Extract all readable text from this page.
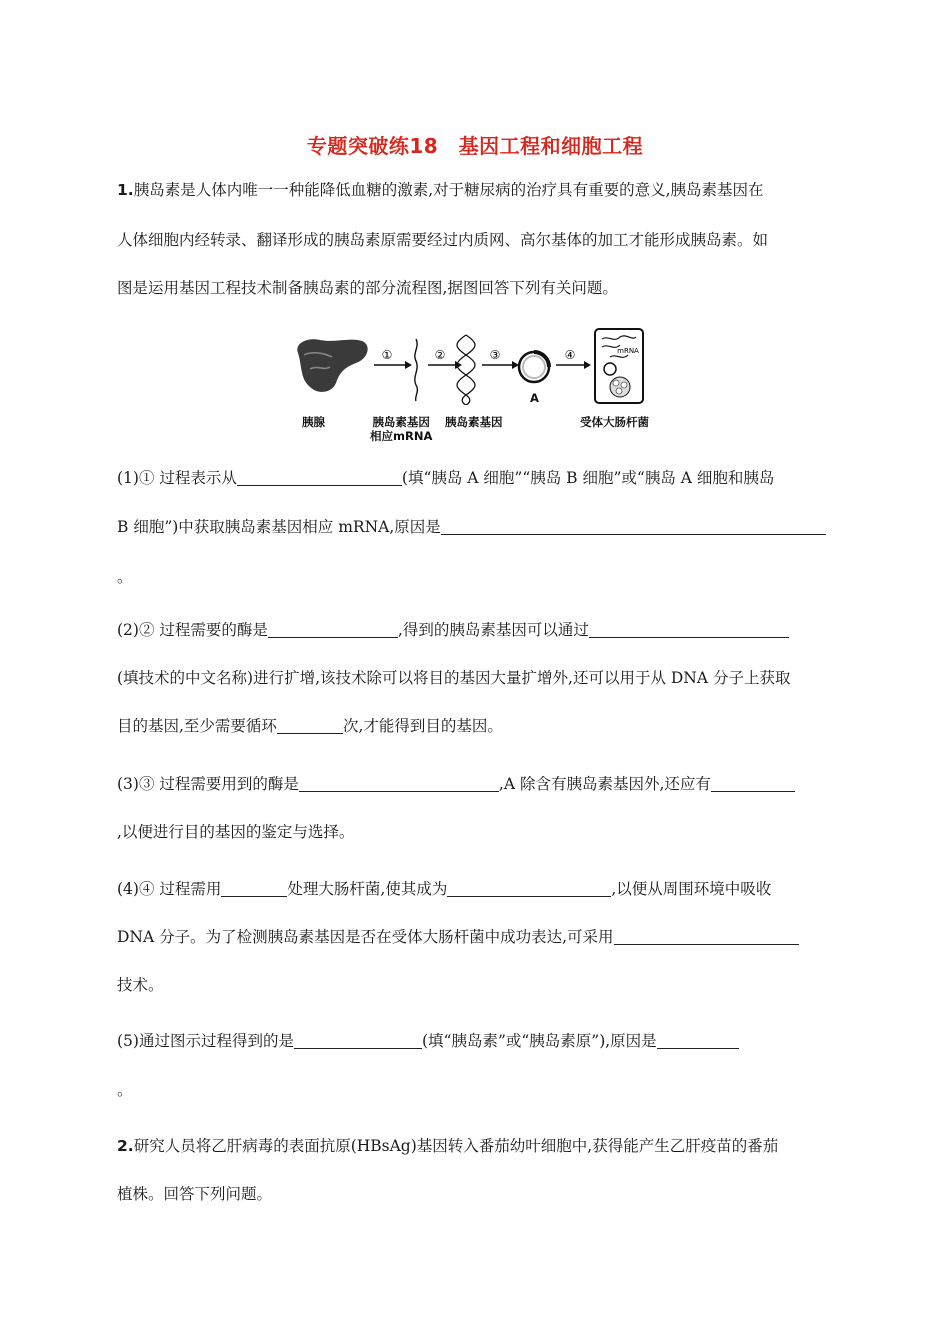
专题突破练18　基因工程和细胞工程
1.胰岛素是人体内唯一一种能降低血糖的激素,对于糖尿病的治疗具有重要的意义,胰岛素基因在
人体细胞内经转录、翻译形成的胰岛素原需要经过内质网、高尔基体的加工才能形成胰岛素。如
图是运用基因工程技术制备胰岛素的部分流程图,据图回答下列有关问题。
①	②	③	④	mRNA
胰腺	胰岛素基因
相应mRNA
胰岛素基因
A
受体大肠杆菌
(1)① 过程表示从	(填“胰岛 A 细胞”“胰岛 B 细胞”或“胰岛 A 细胞和胰岛
B 细胞”)中获取胰岛素基因相应 mRNA,原因是
。
(2)② 过程需要的酶是	,得到的胰岛素基因可以通过
(填技术的中文名称)进行扩增,该技术除可以将目的基因大量扩增外,还可以用于从 DNA 分子上获取
目的基因,至少需要循环	次,才能得到目的基因。
(3)③ 过程需要用到的酶是	,A 除含有胰岛素基因外,还应有
,以便进行目的基因的鉴定与选择。
(4)④ 过程需用	处理大肠杆菌,使其成为	,以便从周围环境中吸收
DNA 分子。为了检测胰岛素基因是否在受体大肠杆菌中成功表达,可采用
技术。
(5)通过图示过程得到的是	(填“胰岛素”或“胰岛素原”),原因是
。
2.研究人员将乙肝病毒的表面抗原(HBsAg)基因转入番茄幼叶细胞中,获得能产生乙肝疫苗的番茄
植株。回答下列问题。
